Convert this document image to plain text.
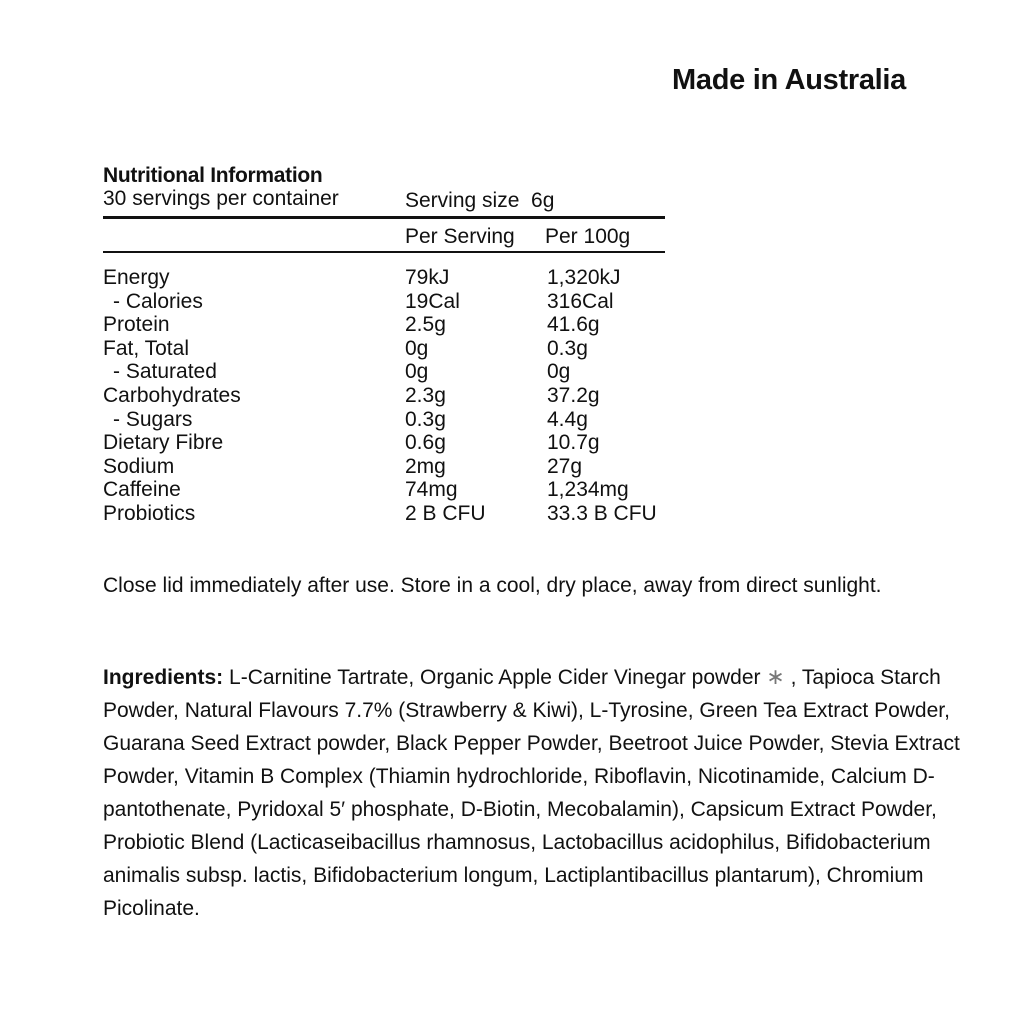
Made in Australia
Nutritional Information
30 servings per container	Serving size  6g
Per Serving Per 100g
Energy	79kJ	1,320kJ
- Calories	19Cal	316Cal
Protein	2.5g	41.6g
Fat, Total	0g	0.3g
- Saturated	0g	0g
Carbohydrates	2.3g	37.2g
- Sugars	0.3g	4.4g
Dietary Fibre	0.6g	10.7g
Sodium	2mg	27g
Caffeine	74mg	1,234mg
Probiotics	2 B CFU	33.3 B CFU
Close lid immediately after use. Store in a cool, dry place, away from direct sunlight.
Ingredients: L-Carnitine Tartrate, Organic Apple Cider Vinegar powder ∗ , Tapioca Starch Powder, Natural Flavours 7.7% (Strawberry & Kiwi), L-Tyrosine, Green Tea Extract Powder, Guarana Seed Extract powder, Black Pepper Powder, Beetroot Juice Powder, Stevia Extract Powder, Vitamin B Complex (Thiamin hydrochloride, Riboflavin, Nicotinamide, Calcium D-pantothenate, Pyridoxal 5′ phosphate, D-Biotin, Mecobalamin), Capsicum Extract Powder, Probiotic Blend (Lacticaseibacillus rhamnosus, Lactobacillus acidophilus, Bifidobacterium animalis subsp. lactis, Bifidobacterium longum, Lactiplantibacillus plantarum), Chromium Picolinate.
